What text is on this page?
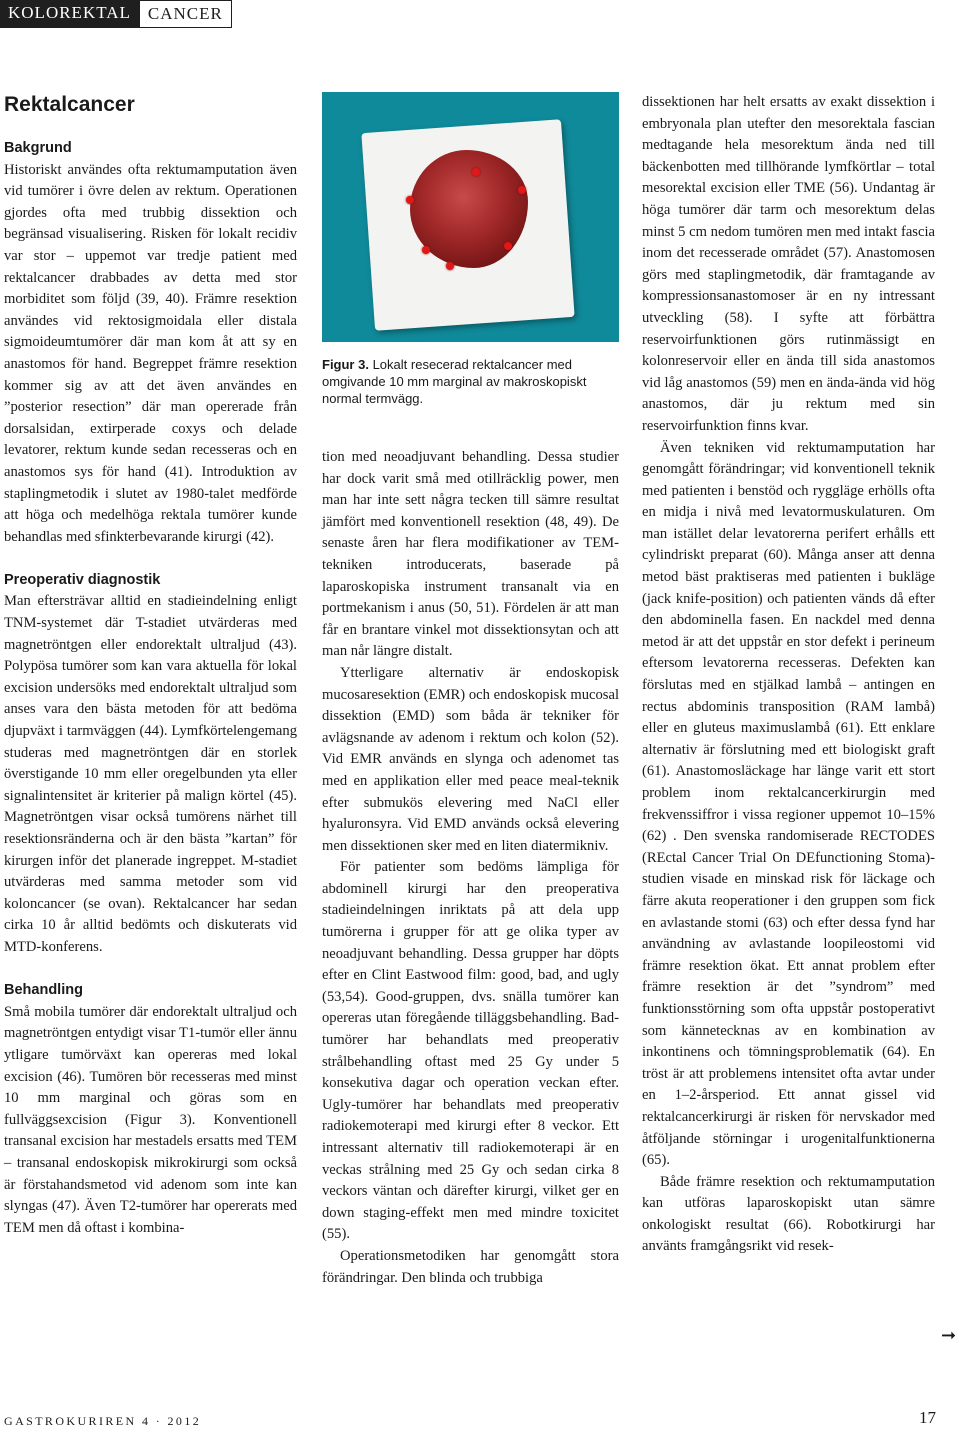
KOLOREKTAL	CANCER
Rektalcancer
Bakgrund

Historiskt användes ofta rektumamputation även vid tumörer i övre delen av rektum. Operationen gjordes ofta med trubbig dissektion och begränsad visualisering. Risken för lokalt recidiv var stor – uppemot var tredje patient med rektalcancer drabbades av detta med stor morbiditet som följd (39, 40). Främre resektion användes vid rektosigmoidala eller distala sigmoideumtumörer där man kom åt att sy en anastomos för hand. Begreppet främre resektion kommer sig av att det även användes en ”posterior resection” där man opererade från dorsalsidan, extirperade coxys och delade levatorer, rektum kunde sedan recesseras och en anastomos sys för hand (41). Introduktion av staplingmetodik i slutet av 1980-talet medförde att höga och medelhöga rektala tumörer kunde behandlas med sfinkterbevarande kirurgi (42).

Preoperativ diagnostik

Man eftersträvar alltid en stadieindelning enligt TNM-systemet där T-stadiet utvärderas med magnetröntgen eller endorektalt ultraljud (43). Polypösa tumörer som kan vara aktuella för lokal excision undersöks med endorektalt ultraljud som anses vara den bästa metoden för att bedöma djupväxt i tarmväggen (44). Lymfkörtelengemang studeras med magnetröntgen där en storlek överstigande 10 mm eller oregelbunden yta eller signalintensitet är kriterier på malign körtel (45). Magnetröntgen visar också tumörens närhet till resektionsränderna och är den bästa ”kartan” för kirurgen inför det planerade ingreppet. M-stadiet utvärderas med samma metoder som vid koloncancer (se ovan). Rektalcancer har sedan cirka 10 år alltid bedömts och diskuterats vid MTD-konferens.

Behandling

Små mobila tumörer där endorektalt ultraljud och magnetröntgen entydigt visar T1-tumör eller ännu ytligare tumörväxt kan opereras med lokal excision (46). Tumören bör recesseras med minst 10 mm marginal och göras som en fullväggsexcision (Figur 3). Konventionell transanal excision har mestadels ersatts med TEM – transanal endoskopisk mikrokirurgi som också är förstahandsmetod vid adenom som inte kan slyngas (47). Även T2-tumörer har opererats med TEM men då oftast i kombina-

Figur 3. Lokalt resecerad rektalcancer med omgivande 10 mm marginal av makroskopiskt normal termvägg.

tion med neoadjuvant behandling. Dessa studier har dock varit små med otillräcklig power, men man har inte sett några tecken till sämre resultat jämfört med konventionell resektion (48, 49). De senaste åren har flera modifikationer av TEM-tekniken introducerats, baserade på laparoskopiska instrument transanalt via en portmekanism i anus (50, 51). Fördelen är att man får en brantare vinkel mot dissektionsytan och att man når längre distalt.

Ytterligare alternativ är endoskopisk mucosaresektion (EMR) och endoskopisk mucosal dissektion (EMD) som båda är tekniker för avlägsnande av adenom i rektum och kolon (52). Vid EMR används en slynga och adenomet tas med en applikation eller med peace meal-teknik efter submukös elevering med NaCl eller hyaluronsyra. Vid EMD används också elevering men dissektionen sker med en liten diatermikniv.

För patienter som bedöms lämpliga för abdominell kirurgi har den preoperativa stadieindelningen inriktats på att dela upp tumörerna i grupper för att ge olika typer av neoadjuvant behandling. Dessa grupper har döpts efter en Clint Eastwood film: good, bad, and ugly (53,54). Good-gruppen, dvs. snälla tumörer kan opereras utan föregående tilläggsbehandling. Bad-tumörer har behandlats med preoperativ strålbehandling oftast med 25 Gy under 5 konsekutiva dagar och operation veckan efter. Ugly-tumörer har behandlats med preoperativ radiokemoterapi med kirurgi efter 8 veckor. Ett intressant alternativ till radiokemoterapi är en veckas strålning med 25 Gy och sedan cirka 8 veckors väntan och därefter kirurgi, vilket ger en down staging-effekt men med mindre toxicitet (55).

Operationsmetodiken har genomgått stora förändringar. Den blinda och trubbiga

dissektionen har helt ersatts av exakt dissektion i embryonala plan utefter den mesorektala fascian medtagande hela mesorektum ända ned till bäckenbotten med tillhörande lymfkörtlar – total mesorektal excision eller TME (56). Undantag är höga tumörer där tarm och mesorektum delas minst 5 cm nedom tumören men med intakt fascia inom det recesserade området (57). Anastomosen görs med staplingmetodik, där framtagande av kompressionsanastomoser är en ny intressant utveckling (58). I syfte att förbättra reservoirfunktionen görs rutinmässigt en kolonreservoir eller en ända till sida anastomos vid låg anastomos (59) men en ända-ända vid hög anastomos, där ju rektum med sin reservoirfunktion finns kvar.

Även tekniken vid rektumamputation har genomgått förändringar; vid konventionell teknik med patienten i benstöd och ryggläge erhölls ofta en midja i nivå med levatormuskulaturen. Om man istället delar levatorerna perifert erhålls ett cylindriskt preparat (60). Många anser att denna metod bäst praktiseras med patienten i bukläge (jack knife-position) och patienten vänds då efter den abdominella fasen. En nackdel med denna metod är att det uppstår en stor defekt i perineum eftersom levatorerna recesseras. Defekten kan förslutas med en stjälkad lambå – antingen en rectus abdominis transposition (RAM lambå) eller en gluteus maximuslambå (61). Ett enklare alternativ är förslutning med ett biologiskt graft (61). Anastomosläckage har länge varit ett stort problem inom rektalcancerkirurgin med frekvenssiffror i vissa regioner uppemot 10–15% (62) . Den svenska randomiserade RECTODES (REctal Cancer Trial On DEfunctioning Stoma)-studien visade en minskad risk för läckage och färre akuta reoperationer i den gruppen som fick en avlastande stomi (63) och efter dessa fynd har användning av avlastande loopileostomi vid främre resektion ökat. Ett annat problem efter främre resektion är det ”syndrom” med funktionsstörning som ofta uppstår postoperativt som kännetecknas av en kombination av inkontinens och tömningsproblematik (64). En tröst är att problemens intensitet ofta avtar under en 1–2-årsperiod. Ett annat gissel vid rektalcancerkirurgi är risken för nervskador med åtföljande störningar i urogenitalfunktionerna (65).

Både främre resektion och rektumamputation kan utföras laparoskopiskt utan sämre onkologiskt resultat (66). Robotkirurgi har använts framgångsrikt vid resek-

➞
GASTROKURIREN 4 · 2012	17
